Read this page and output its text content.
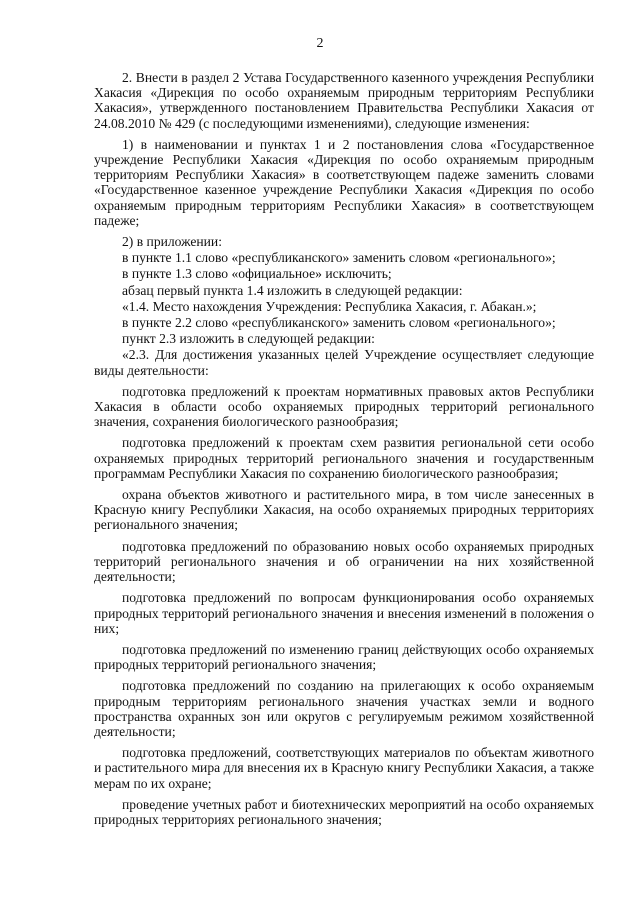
2

2. Внести в раздел 2 Устава Государственного казенного учреждения Республики Хакасия «Дирекция по особо охраняемым природным территориям Республики Хакасия», утвержденного постановлением Правительства Республики Хакасия от 24.08.2010 № 429 (с последующими изменениями), следующие изменения:

1) в наименовании и пунктах 1 и 2 постановления слова «Государственное учреждение Республики Хакасия «Дирекция по особо охраняемым природным территориям Республики Хакасия» в соответствующем падеже заменить словами «Государственное казенное учреждение Республики Хакасия «Дирекция по особо охраняемым природным территориям Республики Хакасия» в соответствующем падеже;

2) в приложении:

в пункте 1.1 слово «республиканского» заменить словом «регионального»;

в пункте 1.3 слово «официальное» исключить;

абзац первый пункта 1.4 изложить в следующей редакции:

«1.4. Место нахождения Учреждения: Республика Хакасия, г. Абакан.»;

в пункте 2.2 слово «республиканского» заменить словом «регионального»;

пункт 2.3 изложить в следующей редакции:

«2.3. Для достижения указанных целей Учреждение осуществляет следующие виды деятельности:

подготовка предложений к проектам нормативных правовых актов Республики Хакасия в области особо охраняемых природных территорий регионального значения, сохранения биологического разнообразия;

подготовка предложений к проектам схем развития региональной сети особо охраняемых природных территорий регионального значения и государственным программам Республики Хакасия по сохранению биологического разнообразия;

охрана объектов животного и растительного мира, в том числе занесенных в Красную книгу Республики Хакасия, на особо охраняемых природных территориях регионального значения;

подготовка предложений по образованию новых особо охраняемых природных территорий регионального значения и об ограничении на них хозяйственной деятельности;

подготовка предложений по вопросам функционирования особо охраняемых природных территорий регионального значения и внесения изменений в положения о них;

подготовка предложений по изменению границ действующих особо охраняемых природных территорий регионального значения;

подготовка предложений по созданию на прилегающих к особо охраняемым природным территориям регионального значения участках земли и водного пространства охранных зон или округов с регулируемым режимом хозяйственной деятельности;

подготовка предложений, соответствующих материалов по объектам животного и растительного мира для внесения их в Красную книгу Республики Хакасия, а также мерам по их охране;

проведение учетных работ и биотехнических мероприятий на особо охраняемых природных территориях регионального значения;
